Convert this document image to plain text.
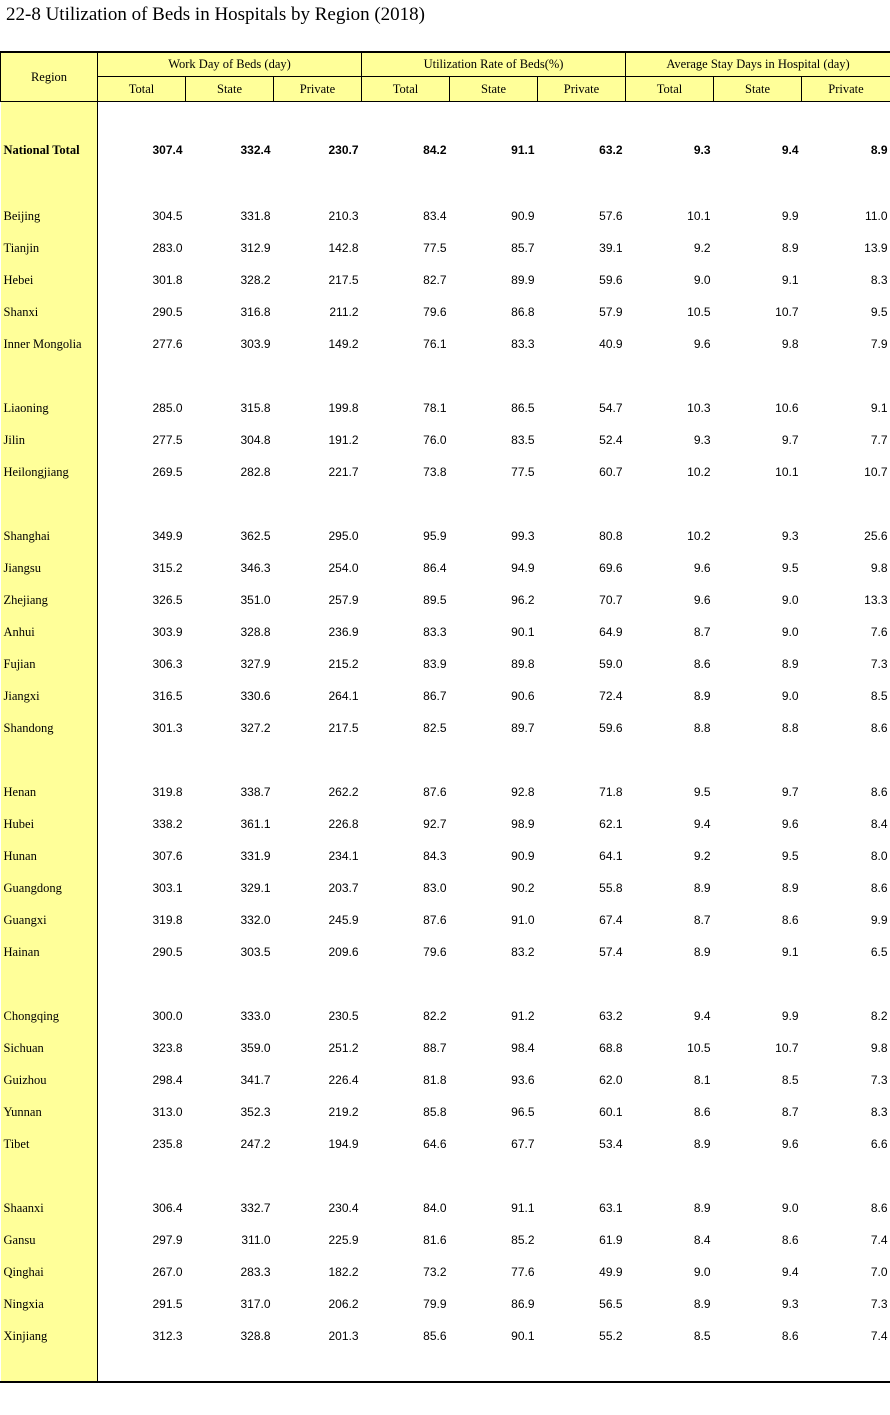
22-8 Utilization of Beds in Hospitals by Region (2018)
Region	Work Day of Beds (day)			Utilization Rate of Beds(%)			Average Stay Days in Hospital (day)		
	Total	State	Private	Total	State	Private	Total	State	Private

National Total	307.4	332.4	230.7	84.2	91.1	63.2	9.3	9.4	8.9

Beijing	304.5	331.8	210.3	83.4	90.9	57.6	10.1	9.9	11.0
Tianjin	283.0	312.9	142.8	77.5	85.7	39.1	9.2	8.9	13.9
Hebei	301.8	328.2	217.5	82.7	89.9	59.6	9.0	9.1	8.3
Shanxi	290.5	316.8	211.2	79.6	86.8	57.9	10.5	10.7	9.5
Inner Mongolia	277.6	303.9	149.2	76.1	83.3	40.9	9.6	9.8	7.9

Liaoning	285.0	315.8	199.8	78.1	86.5	54.7	10.3	10.6	9.1
Jilin	277.5	304.8	191.2	76.0	83.5	52.4	9.3	9.7	7.7
Heilongjiang	269.5	282.8	221.7	73.8	77.5	60.7	10.2	10.1	10.7

Shanghai	349.9	362.5	295.0	95.9	99.3	80.8	10.2	9.3	25.6
Jiangsu	315.2	346.3	254.0	86.4	94.9	69.6	9.6	9.5	9.8
Zhejiang	326.5	351.0	257.9	89.5	96.2	70.7	9.6	9.0	13.3
Anhui	303.9	328.8	236.9	83.3	90.1	64.9	8.7	9.0	7.6
Fujian	306.3	327.9	215.2	83.9	89.8	59.0	8.6	8.9	7.3
Jiangxi	316.5	330.6	264.1	86.7	90.6	72.4	8.9	9.0	8.5
Shandong	301.3	327.2	217.5	82.5	89.7	59.6	8.8	8.8	8.6

Henan	319.8	338.7	262.2	87.6	92.8	71.8	9.5	9.7	8.6
Hubei	338.2	361.1	226.8	92.7	98.9	62.1	9.4	9.6	8.4
Hunan	307.6	331.9	234.1	84.3	90.9	64.1	9.2	9.5	8.0
Guangdong	303.1	329.1	203.7	83.0	90.2	55.8	8.9	8.9	8.6
Guangxi	319.8	332.0	245.9	87.6	91.0	67.4	8.7	8.6	9.9
Hainan	290.5	303.5	209.6	79.6	83.2	57.4	8.9	9.1	6.5

Chongqing	300.0	333.0	230.5	82.2	91.2	63.2	9.4	9.9	8.2
Sichuan	323.8	359.0	251.2	88.7	98.4	68.8	10.5	10.7	9.8
Guizhou	298.4	341.7	226.4	81.8	93.6	62.0	8.1	8.5	7.3
Yunnan	313.0	352.3	219.2	85.8	96.5	60.1	8.6	8.7	8.3
Tibet	235.8	247.2	194.9	64.6	67.7	53.4	8.9	9.6	6.6

Shaanxi	306.4	332.7	230.4	84.0	91.1	63.1	8.9	9.0	8.6
Gansu	297.9	311.0	225.9	81.6	85.2	61.9	8.4	8.6	7.4
Qinghai	267.0	283.3	182.2	73.2	77.6	49.9	9.0	9.4	7.0
Ningxia	291.5	317.0	206.2	79.9	86.9	56.5	8.9	9.3	7.3
Xinjiang	312.3	328.8	201.3	85.6	90.1	55.2	8.5	8.6	7.4
